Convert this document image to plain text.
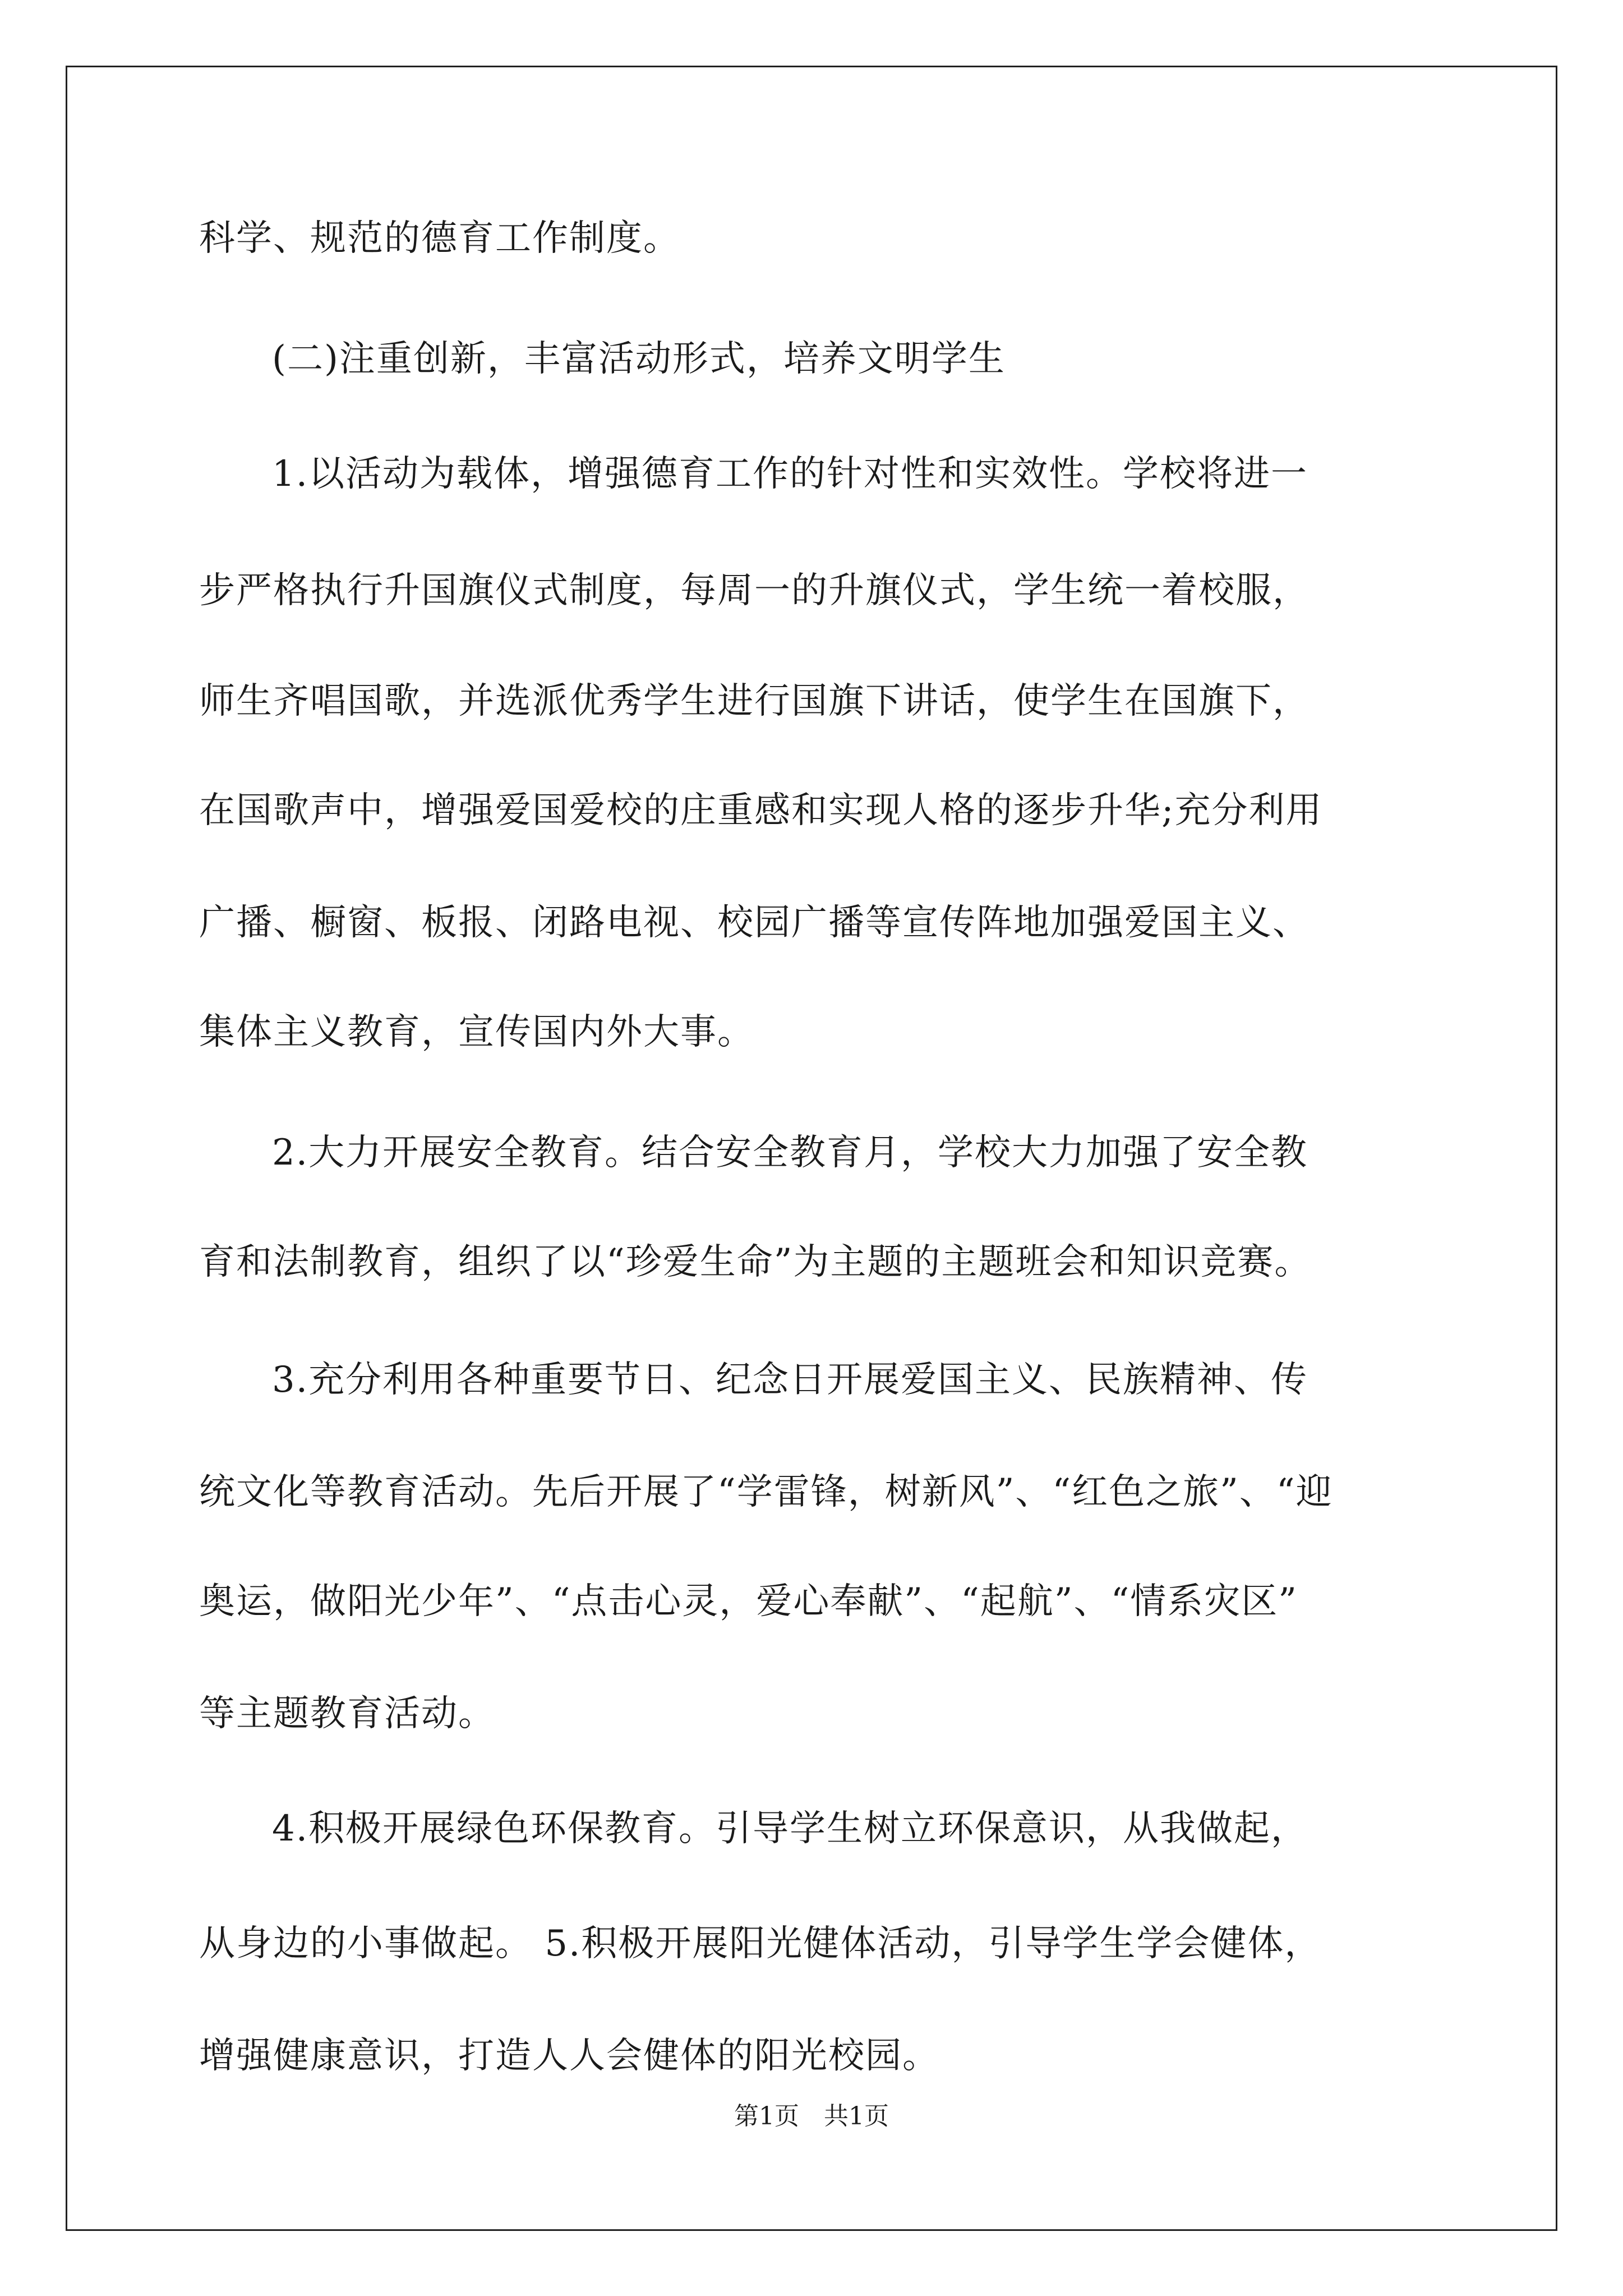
科学、规范的德育工作制度。
(二)注重创新，丰富活动形式，培养文明学生
1.以活动为载体，增强德育工作的针对性和实效性。学校将进一
步严格执行升国旗仪式制度，每周一的升旗仪式，学生统一着校服，
师生齐唱国歌，并选派优秀学生进行国旗下讲话，使学生在国旗下，
在国歌声中，增强爱国爱校的庄重感和实现人格的逐步升华;充分利用
广播、橱窗、板报、闭路电视、校园广播等宣传阵地加强爱国主义、
集体主义教育，宣传国内外大事。
2.大力开展安全教育。结合安全教育月，学校大力加强了安全教
育和法制教育，组织了以“珍爱生命”为主题的主题班会和知识竞赛。
3.充分利用各种重要节日、纪念日开展爱国主义、民族精神、传
统文化等教育活动。先后开展了“学雷锋，树新风”、“红色之旅”、“迎
奥运，做阳光少年”、“点击心灵，爱心奉献”、“起航”、“情系灾区”
等主题教育活动。
4.积极开展绿色环保教育。引导学生树立环保意识，从我做起，
从身边的小事做起。 5.积极开展阳光健体活动，引导学生学会健体，
增强健康意识，打造人人会健体的阳光校园。
第1页　共1页
